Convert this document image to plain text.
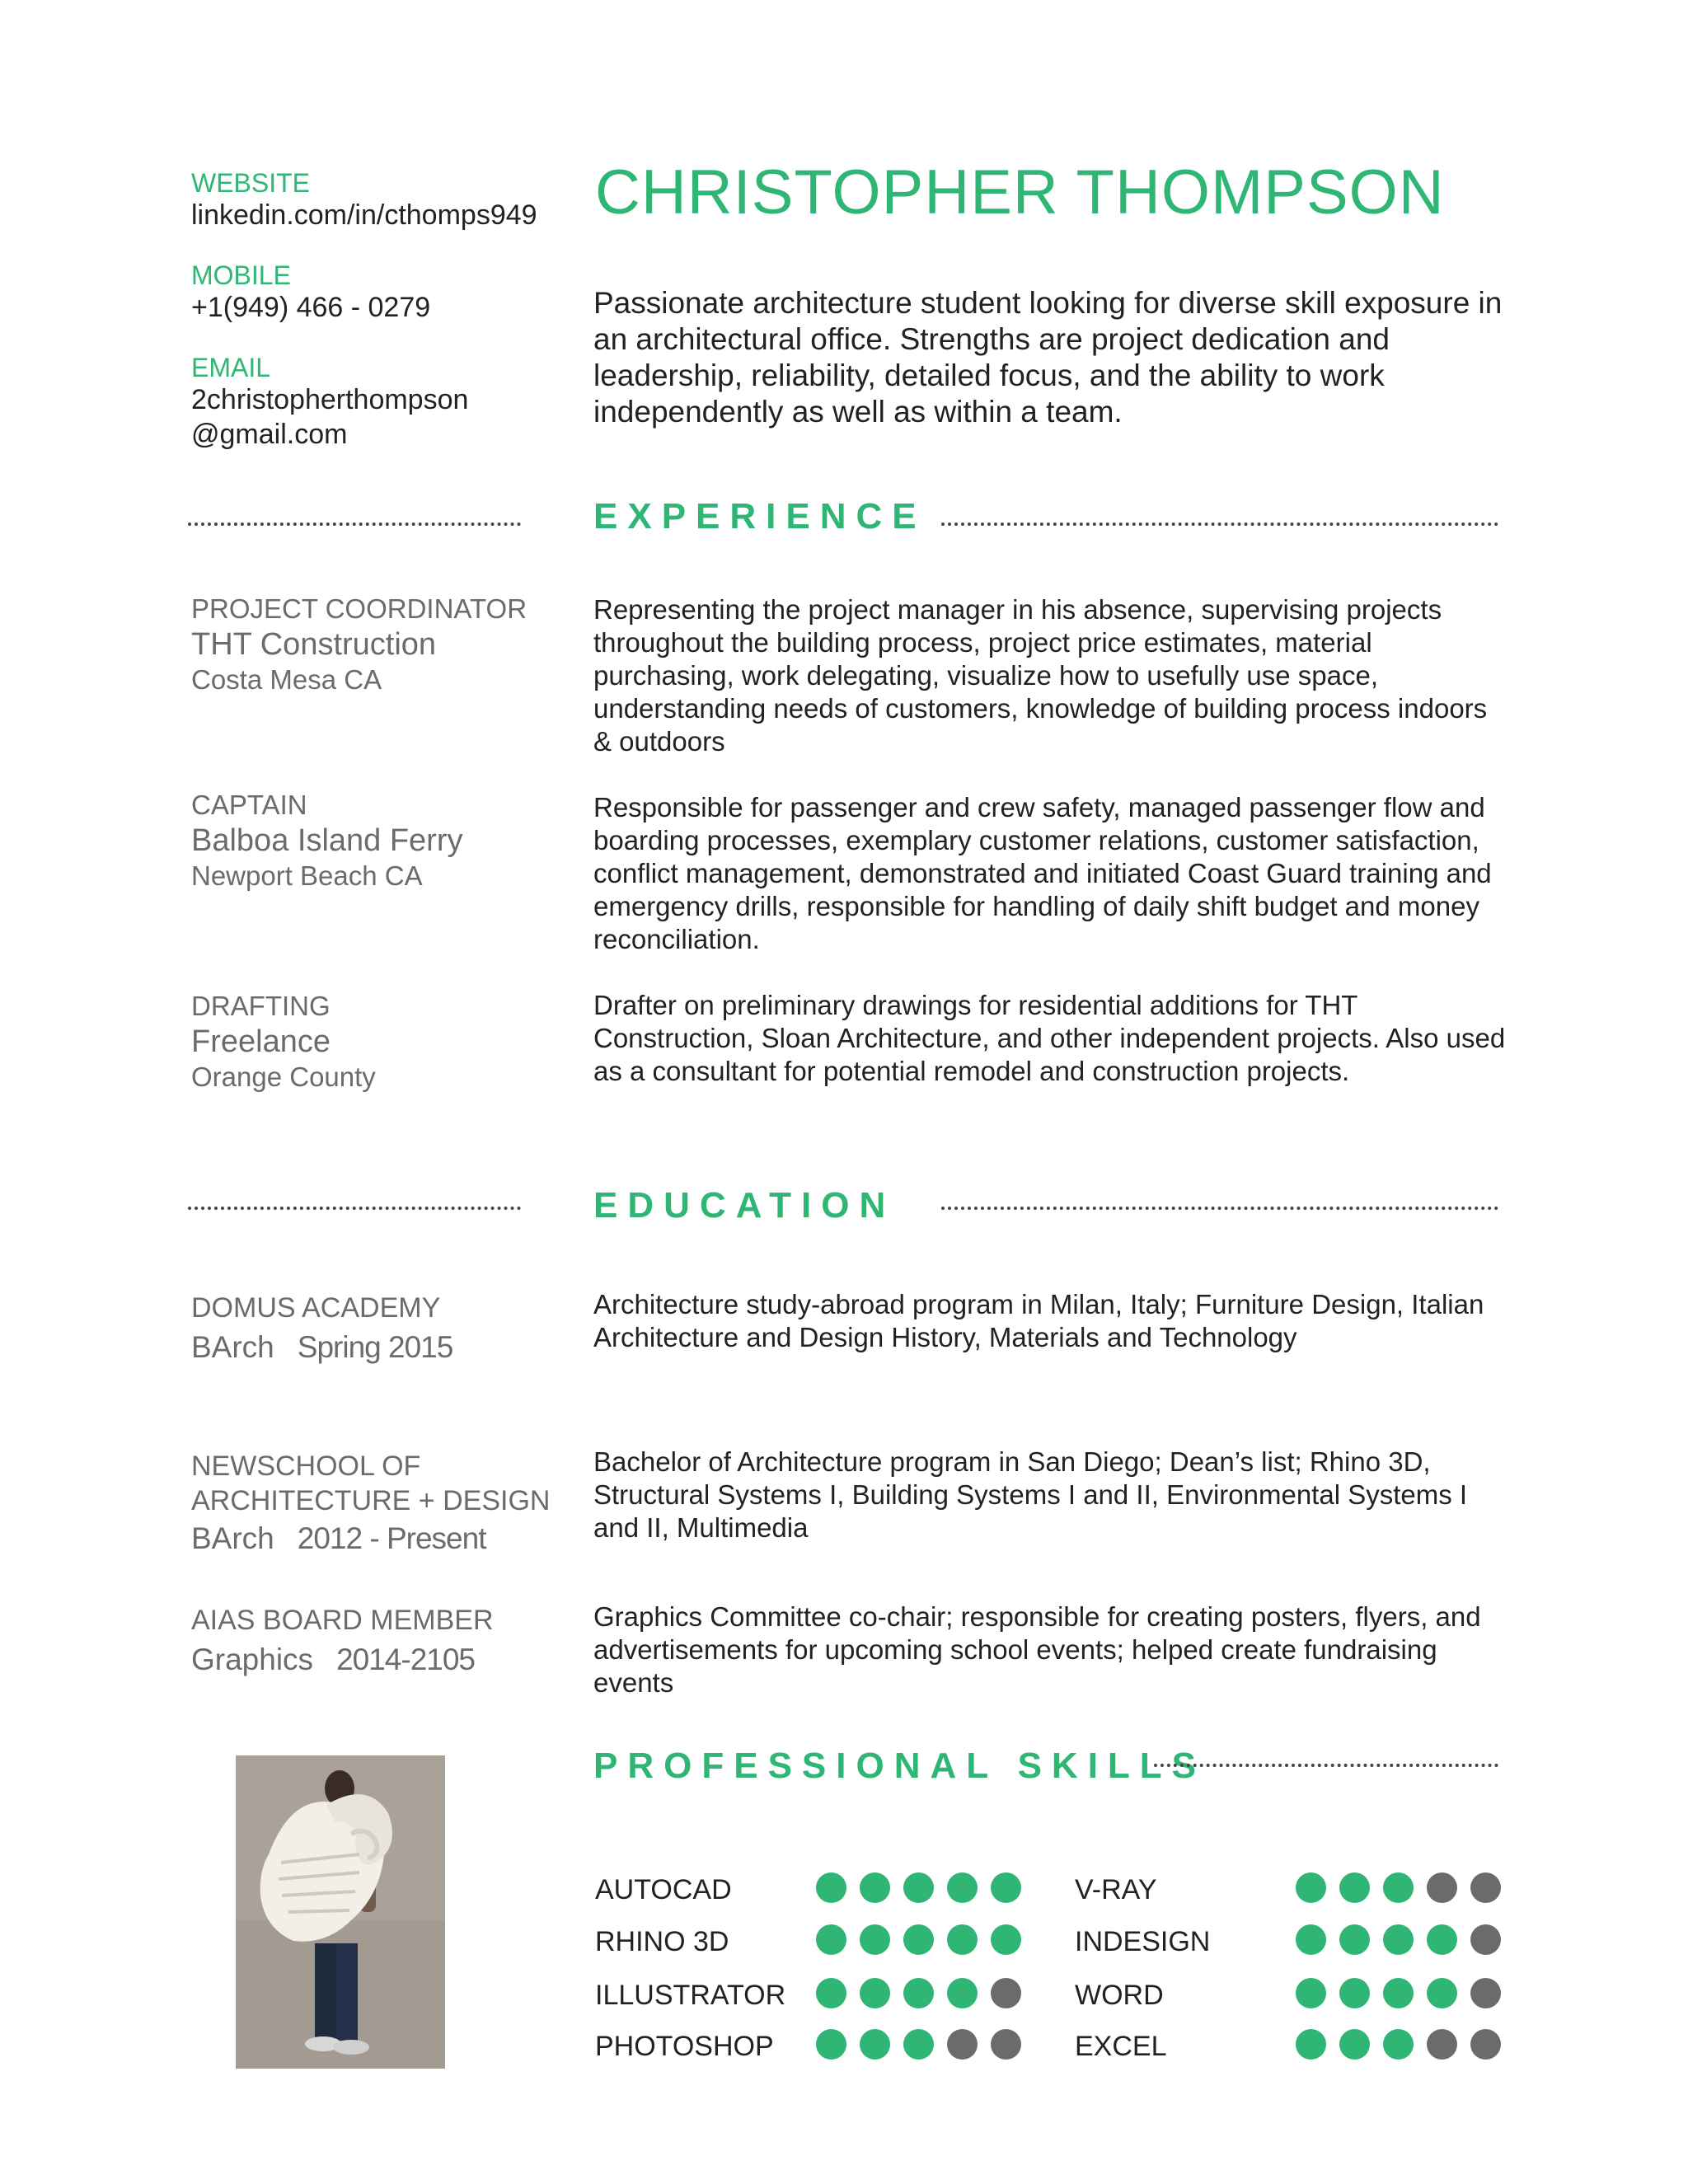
WEBSITE
linkedin.com/in/cthomps949
MOBILE
+1(949) 466 - 0279
EMAIL
2christopherthompson
@gmail.com
CHRISTOPHER THOMPSON
Passionate architecture student looking for diverse skill exposure in an architectural office. Strengths are project dedication and leadership, reliability, detailed focus, and the ability to work independently as well as within a team.
EXPERIENCE
PROJECT COORDINATOR
THT Construction
Costa Mesa CA
Representing the project manager in his absence, supervising projects throughout the building process, project price estimates, material purchasing, work delegating, visualize how to usefully use space, understanding needs of customers, knowledge of building process indoors & outdoors
CAPTAIN
Balboa Island Ferry
Newport Beach CA
Responsible for passenger and crew safety, managed passenger flow and boarding processes, exemplary customer relations, customer satisfaction, conflict management, demonstrated and initiated Coast Guard training and emergency drills, responsible for handling of daily shift budget and money reconciliation.
DRAFTING
Freelance
Orange County
Drafter on preliminary drawings for residential additions for THT Construction, Sloan Architecture, and other independent projects. Also used as a consultant for potential remodel and construction projects.
EDUCATION
DOMUS ACADEMY
BArch Spring 2015
Architecture study-abroad program in Milan, Italy; Furniture Design, Italian Architecture and Design History, Materials and Technology
NEWSCHOOL OF ARCHITECTURE + DESIGN
BArch 2012 - Present
Bachelor of Architecture program in San Diego; Dean’s list; Rhino 3D, Structural Systems I, Building Systems I and II, Environmental Systems I and II, Multimedia
AIAS BOARD MEMBER
Graphics 2014-2105
Graphics Committee co-chair; responsible for creating posters, flyers, and advertisements for upcoming school events; helped create fundraising events
PROFESSIONAL SKILLS
AUTOCAD
RHINO 3D
ILLUSTRATOR
PHOTOSHOP
V-RAY
INDESIGN
WORD
EXCEL
